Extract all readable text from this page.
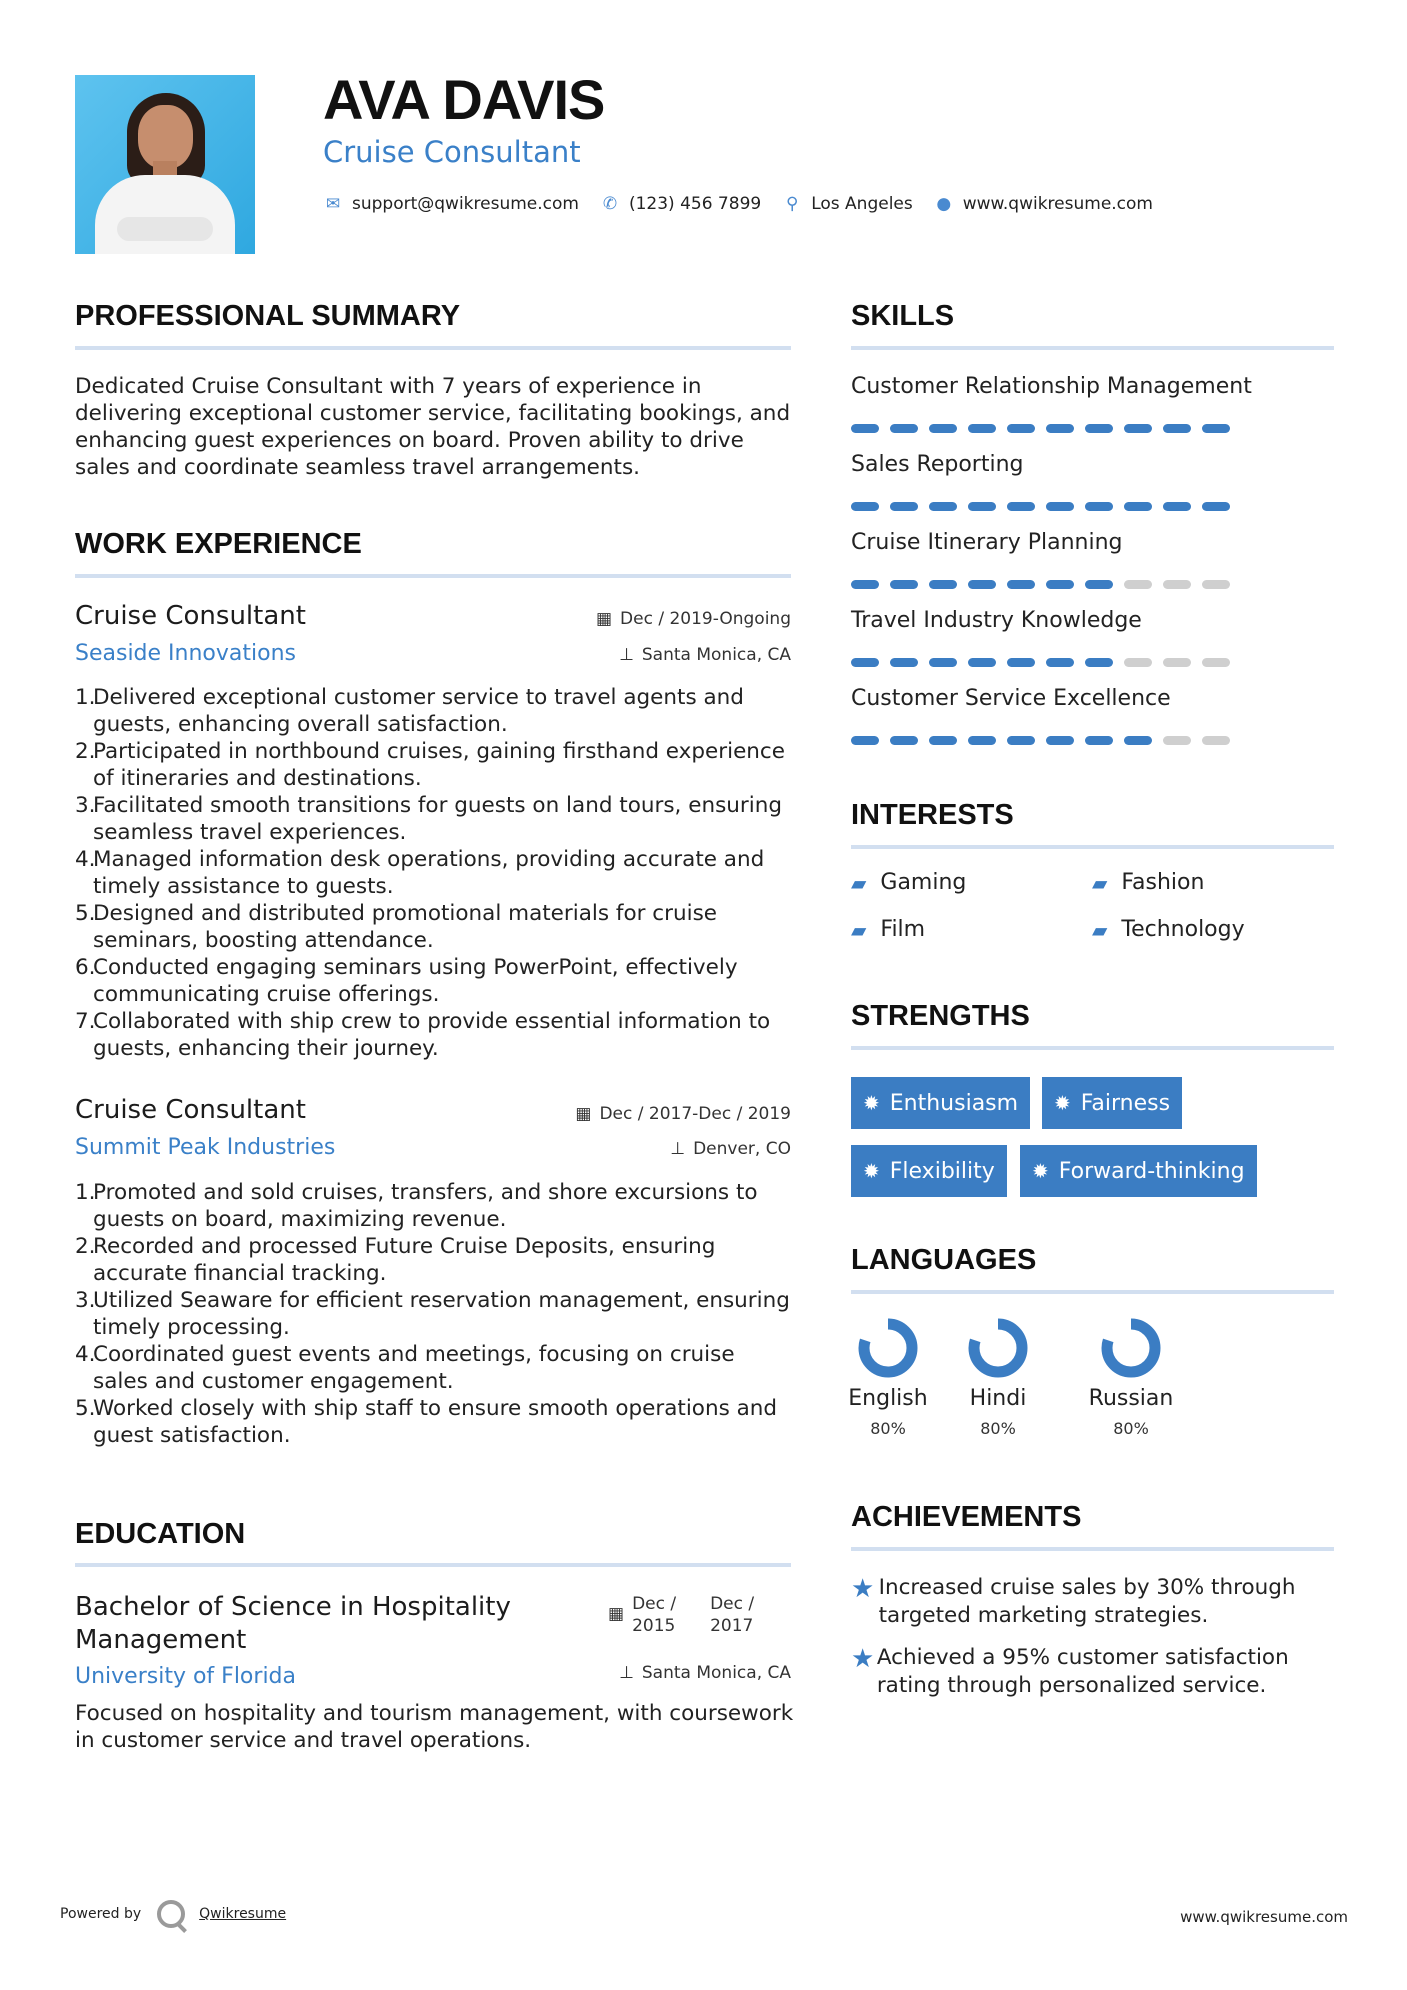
AVA DAVIS
Cruise Consultant
✉ support@qwikresume.com ✆ (123) 456 7899 ⚲ Los Angeles ● www.qwikresume.com
PROFESSIONAL SUMMARY
Dedicated Cruise Consultant with 7 years of experience in delivering exceptional customer service, facilitating bookings, and enhancing guest experiences on board. Proven ability to drive sales and coordinate seamless travel arrangements.
WORK EXPERIENCE
Cruise Consultant	▦ Dec / 2019-Ongoing
Seaside Innovations	⊥ Santa Monica, CA
1.Delivered exceptional customer service to travel agents and guests, enhancing overall satisfaction.
2.Participated in northbound cruises, gaining firsthand experience of itineraries and destinations.
3.Facilitated smooth transitions for guests on land tours, ensuring seamless travel experiences.
4.Managed information desk operations, providing accurate and timely assistance to guests.
5.Designed and distributed promotional materials for cruise seminars, boosting attendance.
6.Conducted engaging seminars using PowerPoint, effectively communicating cruise offerings.
7.Collaborated with ship crew to provide essential information to guests, enhancing their journey.
Cruise Consultant	▦ Dec / 2017-Dec / 2019
Summit Peak Industries	⊥ Denver, CO
1.Promoted and sold cruises, transfers, and shore excursions to guests on board, maximizing revenue.
2.Recorded and processed Future Cruise Deposits, ensuring accurate financial tracking.
3.Utilized Seaware for efficient reservation management, ensuring timely processing.
4.Coordinated guest events and meetings, focusing on cruise sales and customer engagement.
5.Worked closely with ship staff to ensure smooth operations and guest satisfaction.
EDUCATION
Bachelor of Science in Hospitality Management
▦ Dec / 2015
Dec / 2017
University of Florida	⊥ Santa Monica, CA
Focused on hospitality and tourism management, with coursework in customer service and travel operations.
SKILLS
Customer Relationship Management
Sales Reporting
Cruise Itinerary Planning
Travel Industry Knowledge
Customer Service Excellence
INTERESTS
▰ Gaming	▰ Fashion
▰ Film	▰ Technology
STRENGTHS
✹ Enthusiasm ✹ Fairness
✹ Flexibility ✹ Forward-thinking
LANGUAGES
English
80%
Hindi
80%
Russian
80%
ACHIEVEMENTS
★ Increased cruise sales by 30% through targeted marketing strategies.
★ Achieved a 95% customer satisfaction rating through personalized service.
Powered by	Qwikresume	www.qwikresume.com
